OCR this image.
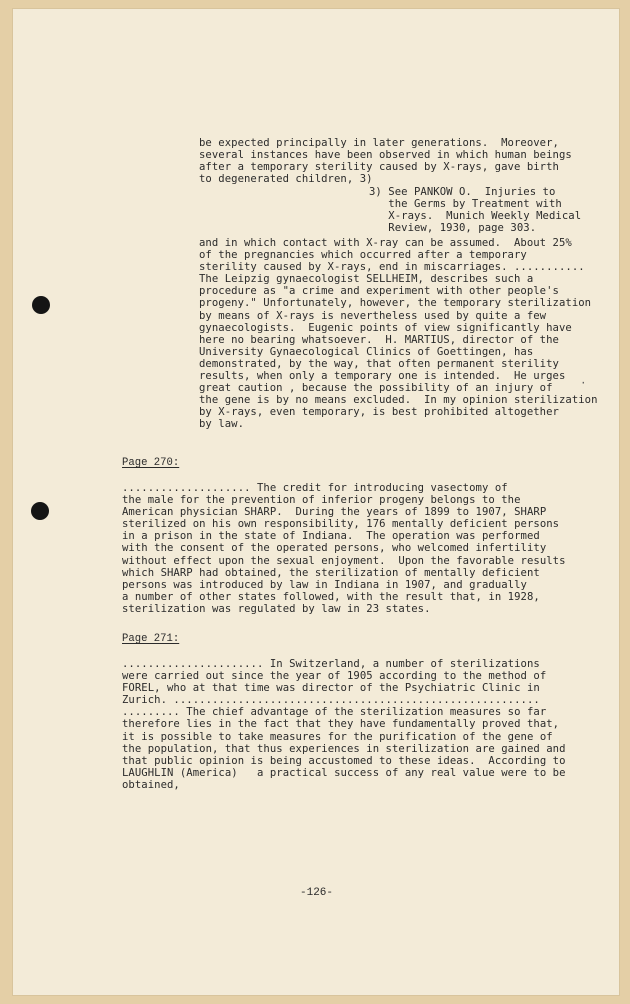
be expected principally in later generations.  Moreover,
several instances have been observed in which human beings
after a temporary sterility caused by X-rays, gave birth
to degenerated children, 3)
3) See PANKOW O.  Injuries to
the Germs by Treatment with
X-rays.  Munich Weekly Medical
Review, 1930, page 303.
and in which contact with X-ray can be assumed.  About 25%
of the pregnancies which occurred after a temporary
sterility caused by X-rays, end in miscarriages. ...........
The Leipzig gynaecologist SELLHEIM, describes such a
procedure as "a crime and experiment with other people's
progeny." Unfortunately, however, the temporary sterilization
by means of X-rays is nevertheless used by quite a few
gynaecologists.  Eugenic points of view significantly have
here no bearing whatsoever.  H. MARTIUS, director of the
University Gynaecological Clinics of Goettingen, has
demonstrated, by the way, that often permanent sterility
results, when only a temporary one is intended.  He urges
great caution , because the possibility of an injury of
the gene is by no means excluded.  In my opinion sterilization
by X-rays, even temporary, is best prohibited altogether
by law.
·
Page 270:
.................... The credit for introducing vasectomy of
the male for the prevention of inferior progeny belongs to the
American physician SHARP.  During the years of 1899 to 1907, SHARP
sterilized on his own responsibility, 176 mentally deficient persons
in a prison in the state of Indiana.  The operation was performed
with the consent of the operated persons, who welcomed infertility
without effect upon the sexual enjoyment.  Upon the favorable results
which SHARP had obtained, the sterilization of mentally deficient
persons was introduced by law in Indiana in 1907, and gradually
a number of other states followed, with the result that, in 1928,
sterilization was regulated by law in 23 states.
Page 271:
...................... In Switzerland, a number of sterilizations
were carried out since the year of 1905 according to the method of
FOREL, who at that time was director of the Psychiatric Clinic in
Zurich. .........................................................
......... The chief advantage of the sterilization measures so far
therefore lies in the fact that they have fundamentally proved that,
it is possible to take measures for the purification of the gene of
the population, that thus experiences in sterilization are gained and
that public opinion is being accustomed to these ideas.  According to
LAUGHLIN (America)   a practical success of any real value were to be
obtained,
-126-
